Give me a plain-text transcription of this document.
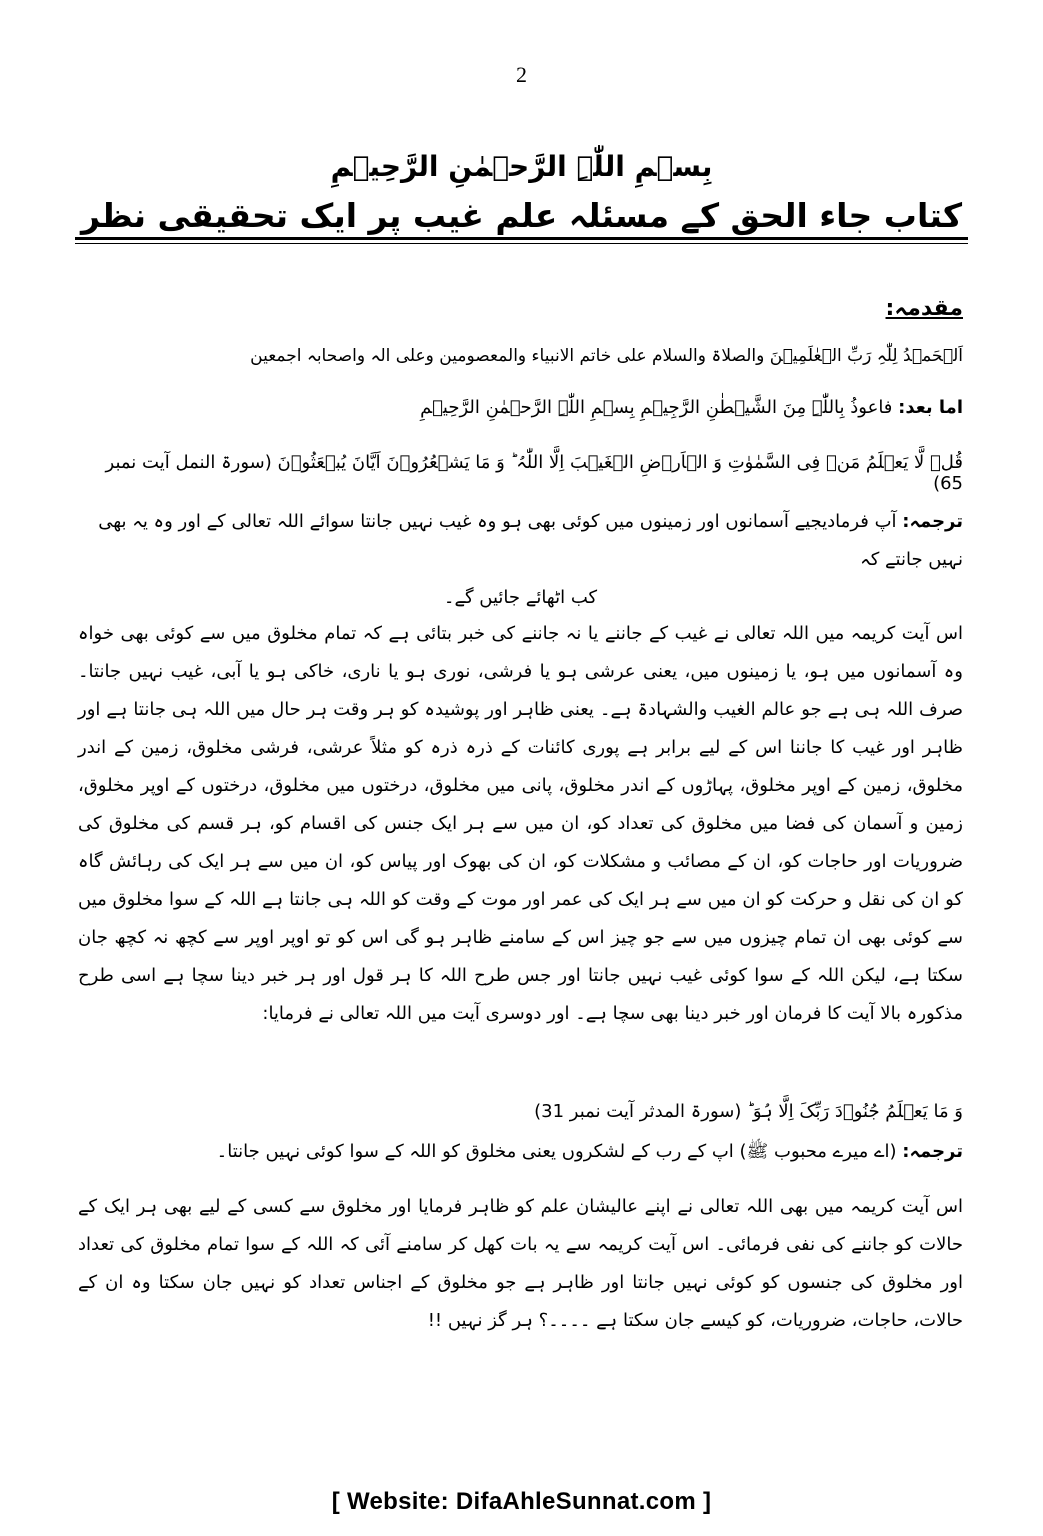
2
بِسۡمِ اللّٰہِ الرَّحۡمٰنِ الرَّحِیۡمِ
کتاب جاء الحق کے مسئلہ علم غیب پر ایک تحقیقی نظر
مقدمہ:
اَلۡحَمۡدُ لِلّٰہِ رَبِّ الۡعٰلَمِیۡنَ والصلاۃ والسلام علی خاتم الانبیاء والمعصومین وعلی الہ واصحابہ اجمعین
اما بعد: فاعوذُ بِاللّٰہِ مِنَ الشَّیۡطٰنِ الرَّجِیۡمِ بِسۡمِ اللّٰہِ الرَّحۡمٰنِ الرَّحِیۡمِ
قُلۡ لَّا یَعۡلَمُ مَنۡ فِی السَّمٰوٰتِ وَ الۡاَرۡضِ الۡغَیۡبَ اِلَّا اللّٰہُ ؕ وَ مَا یَشۡعُرُوۡنَ اَیَّانَ یُبۡعَثُوۡنَ (سورۃ النمل آیت نمبر 65)
ترجمہ: آپ فرمادیجیے آسمانوں اور زمینوں میں کوئی بھی ہو وہ غیب نہیں جانتا سوائے اللہ تعالی کے اور وہ یہ بھی نہیں جانتے کہ
کب اٹھائے جائیں گے۔
اس آیت کریمہ میں اللہ تعالی نے غیب کے جاننے یا نہ جاننے کی خبر بتائی ہے کہ تمام مخلوق میں سے کوئی بھی خواہ وہ آسمانوں میں ہو، یا زمینوں میں، یعنی عرشی ہو یا فرشی، نوری ہو یا ناری، خاکی ہو یا آبی، غیب نہیں جانتا۔ صرف اللہ ہی ہے جو عالم الغیب والشہادۃ ہے۔ یعنی ظاہر اور پوشیدہ کو ہر وقت ہر حال میں اللہ ہی جانتا ہے اور ظاہر اور غیب کا جاننا اس کے لیے برابر ہے پوری کائنات کے ذرہ ذرہ کو مثلاً عرشی، فرشی مخلوق، زمین کے اندر مخلوق، زمین کے اوپر مخلوق، پہاڑوں کے اندر مخلوق، پانی میں مخلوق، درختوں میں مخلوق، درختوں کے اوپر مخلوق، زمین و آسمان کی فضا میں مخلوق کی تعداد کو، ان میں سے ہر ایک جنس کی اقسام کو، ہر قسم کی مخلوق کی ضروریات اور حاجات کو، ان کے مصائب و مشکلات کو، ان کی بھوک اور پیاس کو، ان میں سے ہر ایک کی رہائش گاہ کو ان کی نقل و حرکت کو ان میں سے ہر ایک کی عمر اور موت کے وقت کو اللہ ہی جانتا ہے اللہ کے سوا مخلوق میں سے کوئی بھی ان تمام چیزوں میں سے جو چیز اس کے سامنے ظاہر ہو گی اس کو تو اوپر اوپر سے کچھ نہ کچھ جان سکتا ہے، لیکن اللہ کے سوا کوئی غیب نہیں جانتا اور جس طرح اللہ کا ہر قول اور ہر خبر دینا سچا ہے اسی طرح مذکورہ بالا آیت کا فرمان اور خبر دینا بھی سچا ہے۔ اور دوسری آیت میں اللہ تعالی نے فرمایا:
وَ مَا یَعۡلَمُ جُنُوۡدَ رَبِّکَ اِلَّا ہُوَ ؕ (سورۃ المدثر آیت نمبر 31)
ترجمہ: (اے میرے محبوب ﷺ) اپ کے رب کے لشکروں یعنی مخلوق کو اللہ کے سوا کوئی نہیں جانتا۔
اس آیت کریمہ میں بھی اللہ تعالی نے اپنے عالیشان علم کو ظاہر فرمایا اور مخلوق سے کسی کے لیے بھی ہر ایک کے حالات کو جاننے کی نفی فرمائی۔ اس آیت کریمہ سے یہ بات کھل کر سامنے آئی کہ اللہ کے سوا تمام مخلوق کی تعداد اور مخلوق کی جنسوں کو کوئی نہیں جانتا اور ظاہر ہے جو مخلوق کے اجناس تعداد کو نہیں جان سکتا وہ ان کے حالات، حاجات، ضروریات، کو کیسے جان سکتا ہے ۔۔۔۔؟ ہر گز نہیں !!
[ Website: DifaAhleSunnat.com ]
